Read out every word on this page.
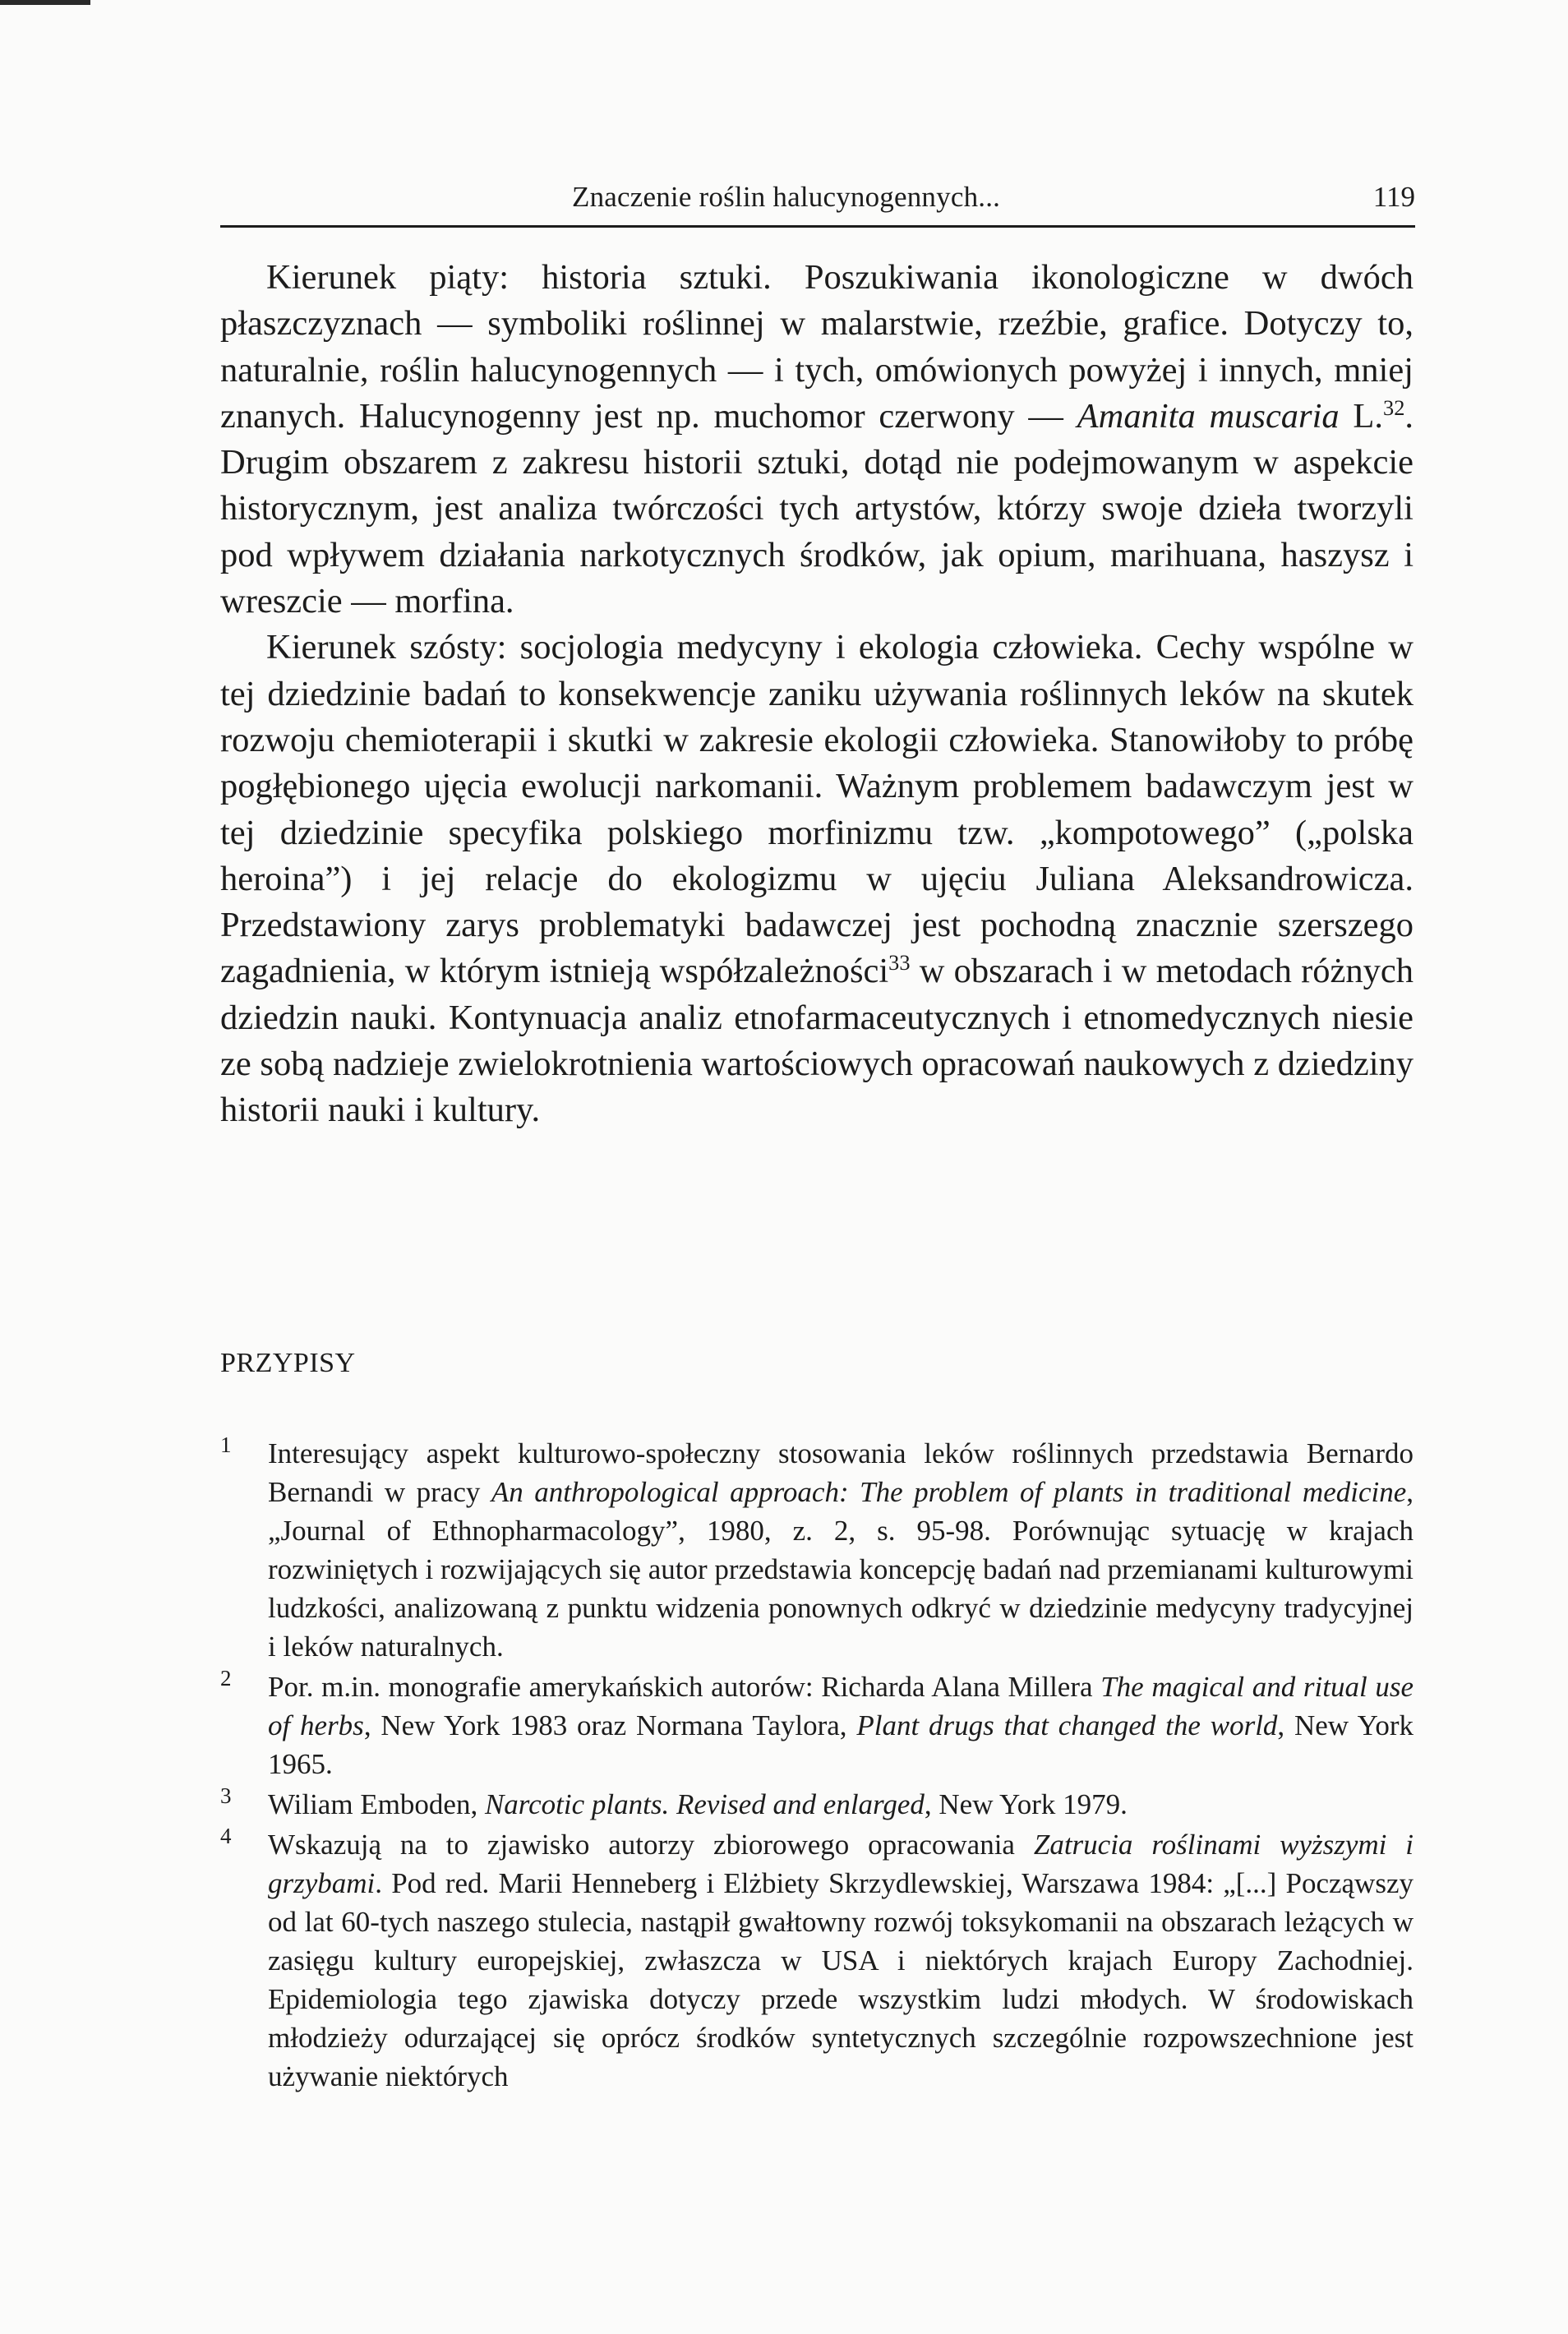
Znaczenie roślin halucynogennych...	119

Kierunek piąty: historia sztuki. Poszukiwania ikonologiczne w dwóch płaszczyznach — symboliki roślinnej w malarstwie, rzeźbie, grafice. Dotyczy to, naturalnie, roślin halucynogennych — i tych, omówionych powyżej i innych, mniej znanych. Halucynogenny jest np. muchomor czerwony — Amanita muscaria L.$^{32}$. Drugim obszarem z zakresu historii sztuki, dotąd nie podejmowanym w aspekcie historycznym, jest analiza twórczości tych artystów, którzy swoje dzieła tworzyli pod wpływem działania narkotycznych środków, jak opium, marihuana, haszysz i wreszcie — morfina.

Kierunek szósty: socjologia medycyny i ekologia człowieka. Cechy wspólne w tej dziedzinie badań to konsekwencje zaniku używania roślinnych leków na skutek rozwoju chemioterapii i skutki w zakresie ekologii człowieka. Stanowiłoby to próbę pogłębionego ujęcia ewolucji narkomanii. Ważnym problemem badawczym jest w tej dziedzinie specyfika polskiego morfinizmu tzw. „kompotowego” („polska heroina”) i jej relacje do ekologizmu w ujęciu Juliana Aleksandrowicza. Przedstawiony zarys problematyki badawczej jest pochodną znacznie szerszego zagadnienia, w którym istnieją współzależności$^{33}$ w obszarach i w metodach różnych dziedzin nauki. Kontynuacja analiz etnofarmaceutycznych i etnomedycznych niesie ze sobą nadzieje zwielokrotnienia wartościowych opracowań naukowych z dziedziny historii nauki i kultury.

PRZYPISY
1 Interesujący aspekt kulturowo-społeczny stosowania leków roślinnych przedstawia Bernardo Bernandi w pracy An anthropological approach: The problem of plants in traditional medicine, „Journal of Ethnopharmacology”, 1980, z. 2, s. 95-98. Porównując sytuację w krajach rozwiniętych i rozwijających się autor przedstawia koncepcję badań nad przemianami kulturowymi ludzkości, analizowaną z punktu widzenia ponownych odkryć w dziedzinie medycyny tradycyjnej i leków naturalnych.
2 Por. m.in. monografie amerykańskich autorów: Richarda Alana Millera The magical and ritual use of herbs, New York 1983 oraz Normana Taylora, Plant drugs that changed the world, New York 1965.
3 Wiliam Emboden, Narcotic plants. Revised and enlarged, New York 1979.
4 Wskazują na to zjawisko autorzy zbiorowego opracowania Zatrucia roślinami wyższymi i grzybami. Pod red. Marii Henneberg i Elżbiety Skrzydlewskiej, Warszawa 1984: „[...] Począwszy od lat 60-tych naszego stulecia, nastąpił gwałtowny rozwój toksykomanii na obszarach leżących w zasięgu kultury europejskiej, zwłaszcza w USA i niektórych krajach Europy Zachodniej. Epidemiologia tego zjawiska dotyczy przede wszystkim ludzi młodych. W środowiskach młodzieży odurzającej się oprócz środków syntetycznych szczególnie rozpowszechnione jest używanie niektórych
